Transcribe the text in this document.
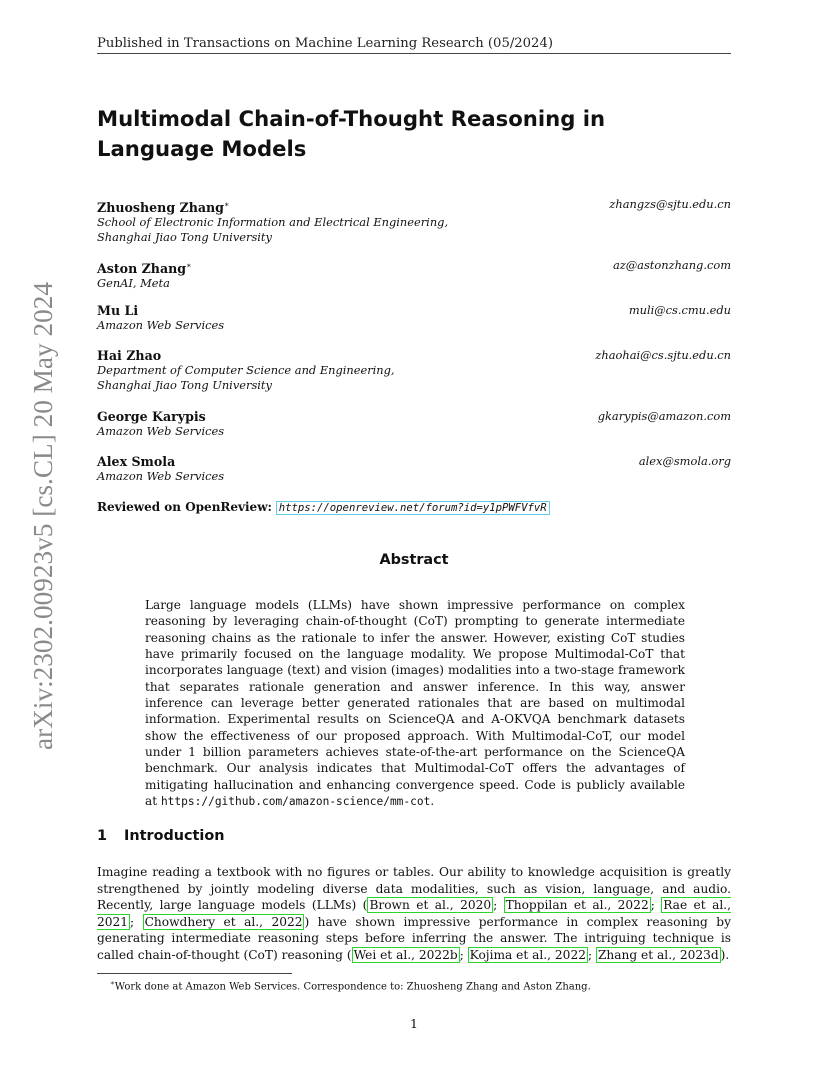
arXiv:2302.00923v5 [cs.CL] 20 May 2024
Published in Transactions on Machine Learning Research (05/2024)
Multimodal Chain-of-Thought Reasoning in
Language Models
Zhuosheng Zhang∗	zhangzs@sjtu.edu.cn
School of Electronic Information and Electrical Engineering,
Shanghai Jiao Tong University
Aston Zhang∗	az@astonzhang.com
GenAI, Meta
Mu Li	muli@cs.cmu.edu
Amazon Web Services
Hai Zhao	zhaohai@cs.sjtu.edu.cn
Department of Computer Science and Engineering,
Shanghai Jiao Tong University
George Karypis	gkarypis@amazon.com
Amazon Web Services
Alex Smola	alex@smola.org
Amazon Web Services
Reviewed on OpenReview: https://openreview.net/forum?id=y1pPWFVfvR
Abstract

Large language models (LLMs) have shown impressive performance on complex reasoning by leveraging chain-of-thought (CoT) prompting to generate intermediate reasoning chains as the rationale to infer the answer. However, existing CoT studies have primarily focused on the language modality. We propose Multimodal-CoT that incorporates language (text) and vision (images) modalities into a two-stage framework that separates rationale generation and answer inference. In this way, answer inference can leverage better generated rationales that are based on multimodal information. Experimental results on ScienceQA and A-OKVQA benchmark datasets show the effectiveness of our proposed approach. With Multimodal-CoT, our model under 1 billion parameters achieves state-of-the-art performance on the ScienceQA benchmark. Our analysis indicates that Multimodal-CoT offers the advantages of mitigating hallucination and enhancing convergence speed. Code is publicly available at https://github.com/amazon-science/mm-cot.

1 Introduction

Imagine reading a textbook with no figures or tables. Our ability to knowledge acquisition is greatly strengthened by jointly modeling diverse data modalities, such as vision, language, and audio. Recently, large language models (LLMs) ( Brown et al., 2020 ; Thoppilan et al., 2022 ; Rae et al., 2021 ; Chowdhery et al., 2022 ) have shown impressive performance in complex reasoning by generating intermediate reasoning steps before inferring the answer. The intriguing technique is called chain-of-thought (CoT) reasoning ( Wei et al., 2022b ; Kojima et al., 2022 ; Zhang et al., 2023d ).

∗Work done at Amazon Web Services. Correspondence to: Zhuosheng Zhang and Aston Zhang.
1
